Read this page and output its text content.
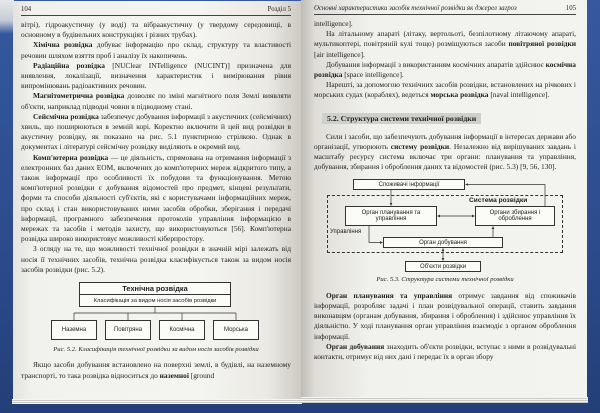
104	Розділ 5

вітрі), гідроакустичну (у воді) та вібраакустичну (у твердому середовищі, в основному в будівельних конструкціях і різних трубах).

Хімічна розвідка добуває інформацію про склад, структуру та властивості речовин шляхом взяття проб і аналізу їх накопичень.

Радіаційна розвідка [NUClear INTelligence (NUCINT)] призначена для виявлення, локалізації, визначення характеристик і вимірювання рівня випромінювань радіоактивних речовин.

Магнітометрична розвідка дозволяє по зміні магнітного поля Землі виявляти об'єкти, наприклад підводні човни в підводному стані.

Сейсмічна розвідка забезпечує добування інформації з акустичних (сейсмічних) хвиль, що поширюються в земній корі. Коректно включити й цей вид розвідки в акустичну розвідку, як показано на рис. 5.1 пунктирною стрілкою. Однак в документах і літературі сейсмічну розвідку виділяють в окремий вид.

Комп'ютерна розвідка — це діяльність, спрямована на отримання інформації з електронних баз даних ЕОМ, включених до комп'ютерних мереж відкритого типу, а також інформації про особливості їх побудови та функціонування. Метою комп'ютерної розвідки є добування відомостей про предмет, кінцеві результати, форми та способи діяльності суб'єктів, які є користувачами інформаційних мереж, про склад і стан використовуваних ними засобів обробки, зберігання і передачі інформації, програмного забезпечення протоколів управління інформацією в мережах та засобів і методів захисту, що використовуються [56]. Комп'ютерна розвідка широко використовує можливості кіберпростору.

З огляду на те, що можливості технічної розвідки в значній мірі залежать від носія її технічних засобів, технічна розвідка класифікується також за видом носія засобів розвідки (рис. 5.2).

Технічна розвідка
Класифікація за видом носія засобів розвідки
Наземна	Повітряна	Космічна	Морська
Рис. 5.2. Класифікація технічної розвідки за видом носія засобів розвідки

Якщо засоби добування встановлено на поверхні землі, в будівлі, на наземному транспорті, то така розвідка відноситься до наземної [ground

Основні характеристики засобів технічної розвідки як джерел загроз	105

intelligence].

На літальному апараті (літаку, вертольоті, безпілотному літаючому апараті, мультикоптері, повітряній кулі тощо) розміщуються засоби повітряної розвідки [air intelligence].

Добування інформації з використанням космічних апаратів здійснює космічна розвідка [space intelligence].

Нарешті, за допомогою технічних засобів розвідки, встановлених на річкових і морських судах (кораблях), ведеться морська розвідка [naval intelligence].

5.2. Структура системи технічної розвідки

Сили і засоби, що забезпечують добування інформації в інтересах держави або організації, утворюють систему розвідки. Незалежно від вирішуваних завдань і масштабу ресурсу система включає три органи: планування та управління, добування, збирання і оброблення даних та відомостей (рис. 5.3) [9, 56, 130].

Споживачі інформації
Система розвідки
Орган планування та управління
Органи збирання і оброблення
Управління
Орган добування
Об'єкти розвідки
Рис. 5.3. Структура системи технічної розвідки

Орган планування та управління отримує завдання від споживачів інформації, розробляє задачі і план розвідувальної операції, ставить завдання виконавцям (органам добування, збирання і оброблення) і здійснює управління їх діяльністю. У ході планування орган управління взаємодіє з органом оброблення інформації.

Орган добування знаходить об'єкти розвідки, вступає з ними в розвідувальні контакти, отримує від них дані і передає їх в орган збору
